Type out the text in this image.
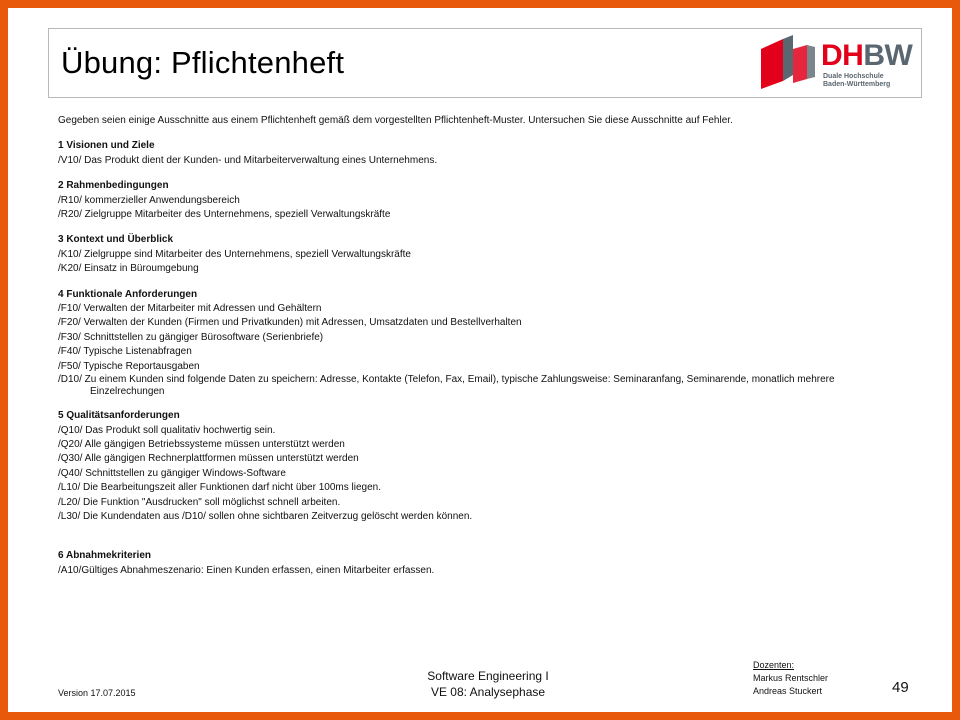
Übung: Pflichtenheft	DHBW
Duale Hochschule
Baden-Württemberg

Gegeben seien einige Ausschnitte aus einem Pflichtenheft gemäß dem vorgestellten Pflichtenheft-Muster. Untersuchen Sie diese Ausschnitte auf Fehler.

1 Visionen und Ziele

/V10/ Das Produkt dient der Kunden- und Mitarbeiterverwaltung eines Unternehmens.

2 Rahmenbedingungen

/R10/ kommerzieller Anwendungsbereich

/R20/ Zielgruppe Mitarbeiter des Unternehmens, speziell Verwaltungskräfte

3 Kontext und Überblick

/K10/ Zielgruppe sind Mitarbeiter des Unternehmens, speziell Verwaltungskräfte

/K20/ Einsatz in Büroumgebung

4 Funktionale Anforderungen

/F10/ Verwalten der Mitarbeiter mit Adressen und Gehältern

/F20/ Verwalten der Kunden (Firmen und Privatkunden) mit Adressen, Umsatzdaten und Bestellverhalten

/F30/ Schnittstellen zu gängiger Bürosoftware (Serienbriefe)

/F40/ Typische Listenabfragen

/F50/ Typische Reportausgaben

/D10/ Zu einem Kunden sind folgende Daten zu speichern: Adresse, Kontakte (Telefon, Fax, Email), typische Zahlungsweise: Seminaranfang, Seminarende, monatlich mehrere Einzelrechungen

5 Qualitätsanforderungen

/Q10/ Das Produkt soll qualitativ hochwertig sein.

/Q20/ Alle gängigen Betriebssysteme müssen unterstützt werden

/Q30/ Alle gängigen Rechnerplattformen müssen unterstützt werden

/Q40/ Schnittstellen zu gängiger Windows-Software

/L10/ Die Bearbeitungszeit aller Funktionen darf nicht über 100ms liegen.

/L20/ Die Funktion "Ausdrucken" soll möglichst schnell arbeiten.

/L30/ Die Kundendaten aus /D10/ sollen ohne sichtbaren Zeitverzug gelöscht werden können.

6 Abnahmekriterien

/A10/Gültiges Abnahmeszenario: Einen Kunden erfassen, einen Mitarbeiter erfassen.

Version 17.07.2015
Software Engineering I
VE 08: Analysephase
Dozenten:
Markus Rentschler
Andreas Stuckert	49
